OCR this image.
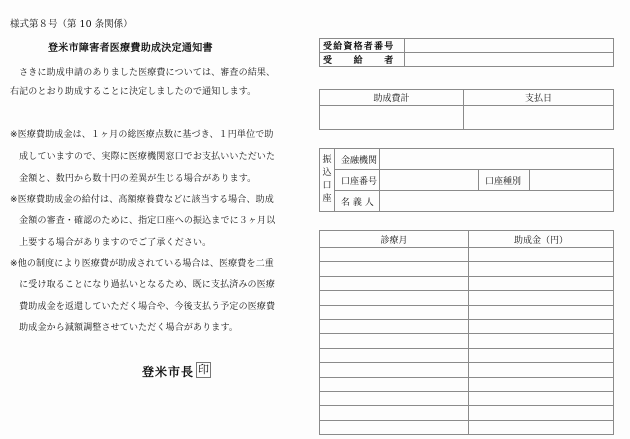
様式第８号（第 10 条関係）
登米市障害者医療費助成決定通知書
　さきに助成申請のありました医療費については、審査の結果、
右記のとおり助成することに決定しましたので通知します。
※医療費助成金は、１ヶ月の総医療点数に基づき、１円単位で助
　成していますので、実際に医療機関窓口でお支払いいただいた
　金額と、数円から数十円の差異が生じる場合があります。
※医療費助成金の給付は、高額療養費などに該当する場合、助成
　金額の審査・確認のために、指定口座への振込までに３ヶ月以
　上要する場合がありますのでご了承ください。
※他の制度により医療費が助成されている場合は、医療費を二重
　に受け取ることになり過払いとなるため、既に支払済みの医療
　費助成金を返還していただく場合や、今後支払う予定の医療費
　助成金から減額調整させていただく場合があります。
登米市長 印
受給資格者番号	
受　　給　　者	
助成費計	支払日

振
込
口
座	金融機関			
	口座番号		口座種別	
	名 義 人			
診療月	助成金（円）
